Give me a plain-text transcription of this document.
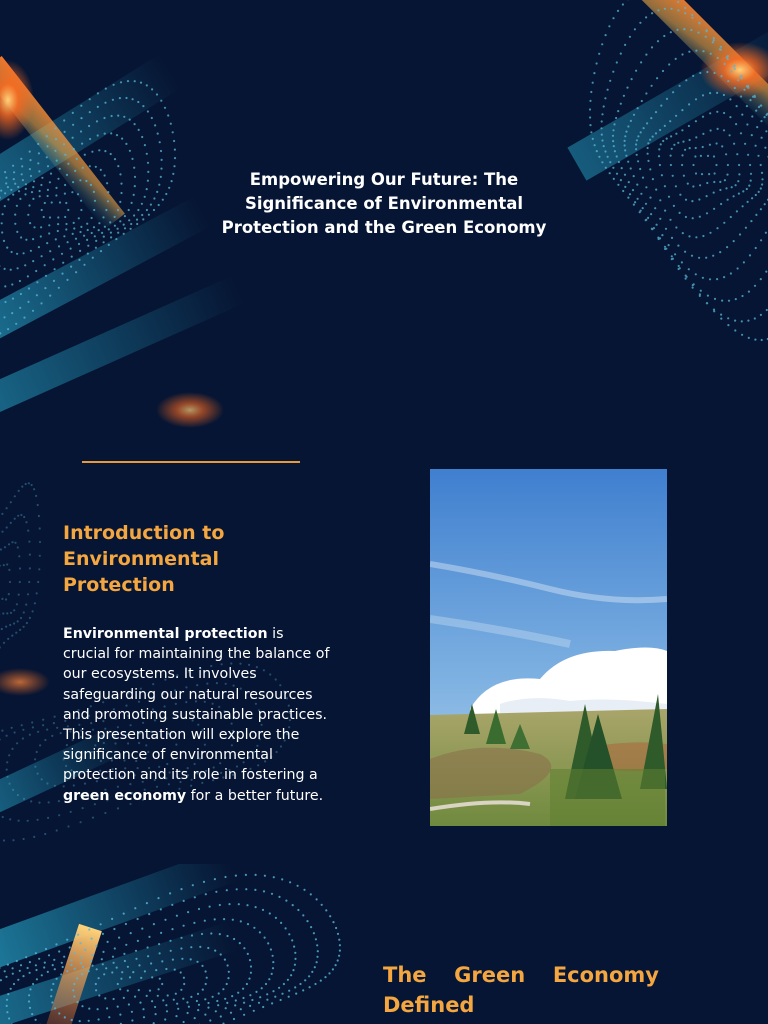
Empowering Our Future: The Significance of Environmental Protection and the Green Economy
Introduction to Environmental Protection

Environmental protection is crucial for maintaining the balance of our ecosystems. It involves safeguarding our natural resources and promoting sustainable practices. This presentation will explore the significance of environmental protection and its role in fostering a green economy for a better future.

The Green Economy
Defined
